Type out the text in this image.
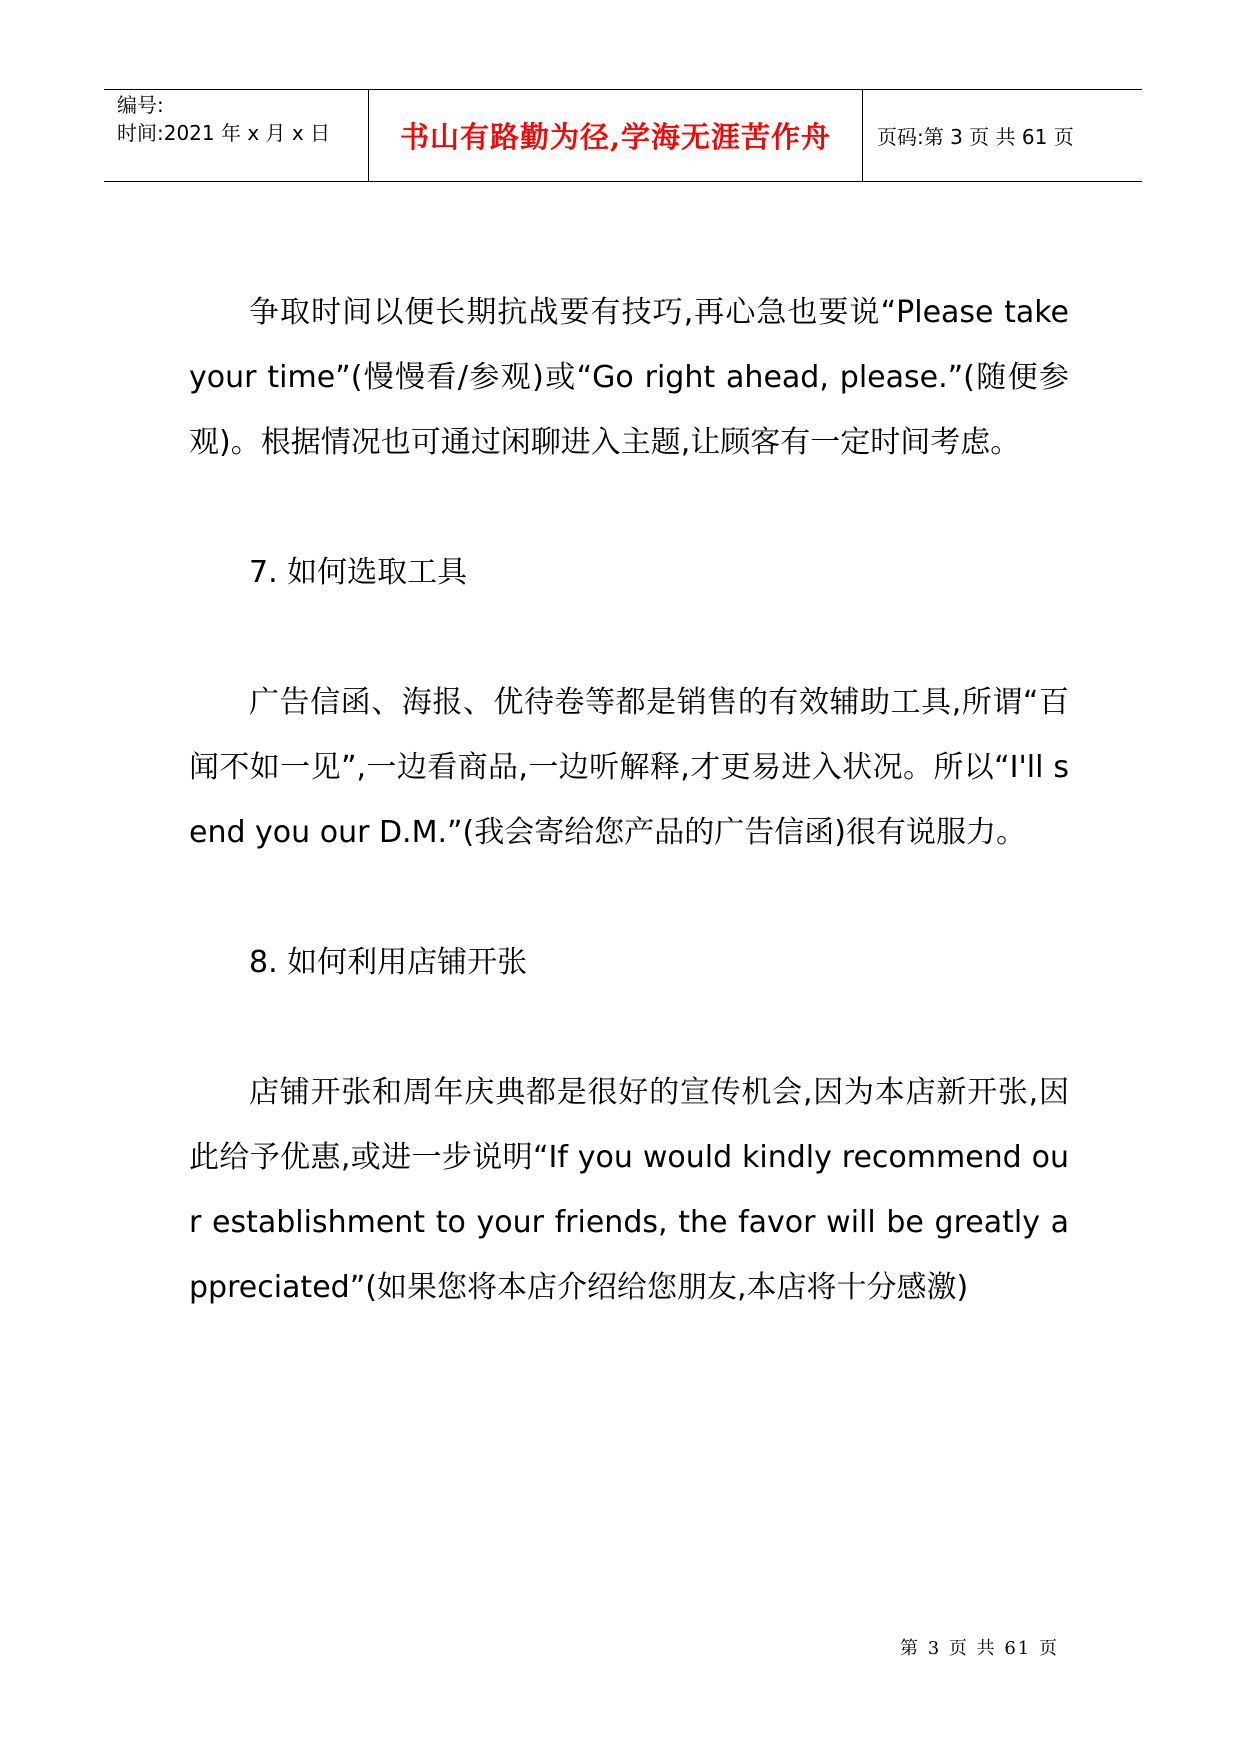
编号:
时间:2021 年 x 月 x 日 书山有路勤为径,学海无涯苦作舟 页码:第 3 页 共 61 页

争取时间以便长期抗战要有技巧,再心急也要说“Please take your time”(慢慢看/参观)或“Go right ahead, please.”(随便参观)。根据情况也可通过闲聊进入主题,让顾客有一定时间考虑。

7. 如何选取工具

广告信函、海报、优待卷等都是销售的有效辅助工具,所谓“百闻不如一见”,一边看商品,一边听解释,才更易进入状况。所以“I'll send you our D.M.”(我会寄给您产品的广告信函)很有说服力。

8. 如何利用店铺开张

店铺开张和周年庆典都是很好的宣传机会,因为本店新开张,因此给予优惠,或进一步说明“If you would kindly recommend our establishment to your friends, the favor will be greatly appreciated”(如果您将本店介绍给您朋友,本店将十分感激)

第 3 页 共 61 页
